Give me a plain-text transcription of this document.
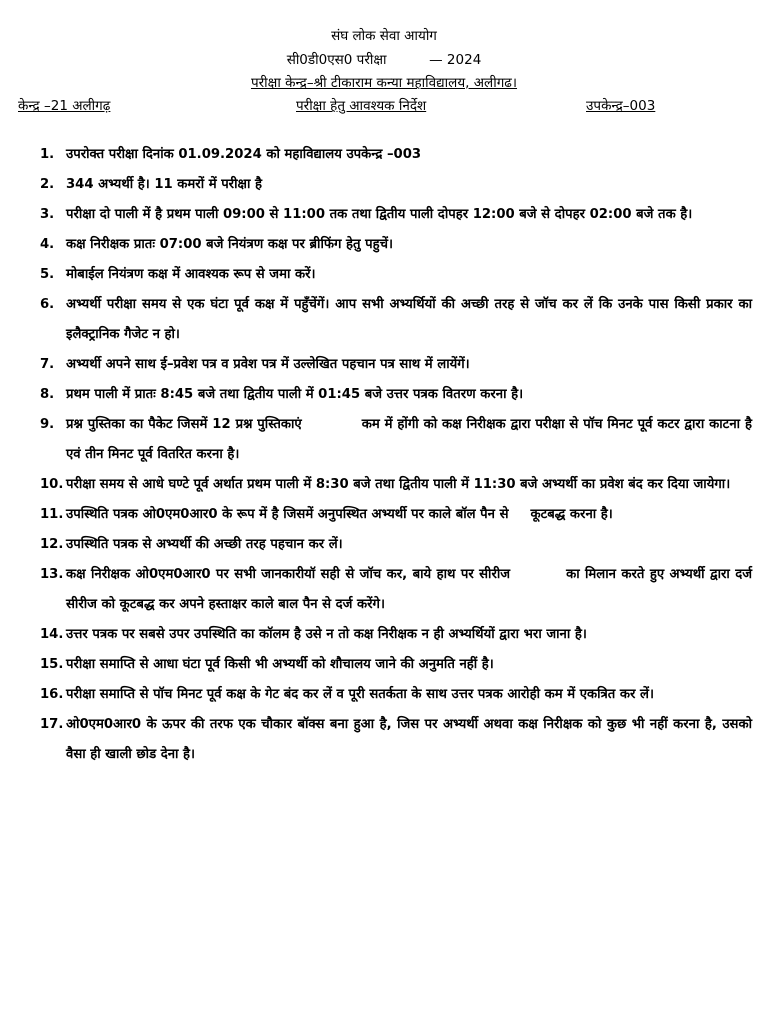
संघ लोक सेवा आयोग
सी0डी0एस0 परीक्षा	— 2024
परीक्षा केन्द्र–श्री टीकाराम कन्या महाविद्यालय, अलीगढ।
केन्द्र –21 अलीगढ़	परीक्षा हेतु आवश्यक निर्देश	उपकेन्द्र–003
1. उपरोक्त परीक्षा दिनांक 01.09.2024 को महाविद्यालय उपकेन्द्र –003
2. 344 अभ्यर्थी है। 11 कमरों में परीक्षा है
3. परीक्षा दो पाली में है प्रथम पाली 09:00 से 11:00 तक तथा द्वितीय पाली दोपहर 12:00 बजे से दोपहर 02:00 बजे तक है।
4. कक्ष निरीक्षक प्रातः 07:00 बजे नियंत्रण कक्ष पर ब्रीफिंग हेतु पहुचें।
5. मोबाईल नियंत्रण कक्ष में आवश्यक रूप से जमा करें।
6. अभ्यर्थी परीक्षा समय से एक घंटा पूर्व कक्ष में पहुँचेंगें। आप सभी अभ्यर्थियों की अच्छी तरह से जॉच कर लें कि उनके पास किसी प्रकार का इलैक्ट्रानिक गैजेट न हो।
7. अभ्यर्थी अपने साथ ई–प्रवेश पत्र व प्रवेश पत्र में उल्लेखित पहचान पत्र साथ में लायेंगें।
8. प्रथम पाली में प्रातः 8:45 बजे तथा द्वितीय पाली में 01:45 बजे उत्तर पत्रक वितरण करना है।
9. प्रश्न पुस्तिका का पैकेट जिसमें 12 प्रश्न पुस्तिकाएं	कम में होंगी को कक्ष निरीक्षक द्वारा परीक्षा से पॉच मिनट पूर्व कटर द्वारा काटना है एवं तीन मिनट पूर्व वितरित करना है।
10. परीक्षा समय से आधे घण्टे पूर्व अर्थात प्रथम पाली में 8:30 बजे तथा द्वितीय पाली में 11:30 बजे अभ्यर्थी का प्रवेश बंद कर दिया जायेगा।
11. उपस्थिति पत्रक ओ0एम0आर0 के रूप में है जिसमें अनुपस्थित अभ्यर्थी पर काले बॉल पैन से कूटबद्ध करना है।
12. उपस्थिति पत्रक से अभ्यर्थी की अच्छी तरह पहचान कर लें।
13. कक्ष निरीक्षक ओ0एम0आर0 पर सभी जानकारीयॉ सही से जॉच कर, बाये हाथ पर सीरीज	का मिलान करते हुए अभ्यर्थी द्वारा दर्ज सीरीज को कूटबद्ध कर अपने हस्ताक्षर काले बाल पैन से दर्ज करेंगे।
14. उत्तर पत्रक पर सबसे उपर उपस्थिति का कॉलम है उसे न तो कक्ष निरीक्षक न ही अभ्यर्थियों द्वारा भरा जाना है।
15. परीक्षा समाप्ति से आधा घंटा पूर्व किसी भी अभ्यर्थी को शौचालय जाने की अनुमति नहीं है।
16. परीक्षा समाप्ति से पॉच मिनट पूर्व कक्ष के गेट बंद कर लें व पूरी सतर्कता के साथ उत्तर पत्रक आरोही कम में एकत्रित कर लें।
17. ओ0एम0आर0 के ऊपर की तरफ एक चौकार बॉक्स बना हुआ है, जिस पर अभ्यर्थी अथवा कक्ष निरीक्षक को कुछ भी नहीं करना है, उसको वैसा ही खाली छोड देना है।
